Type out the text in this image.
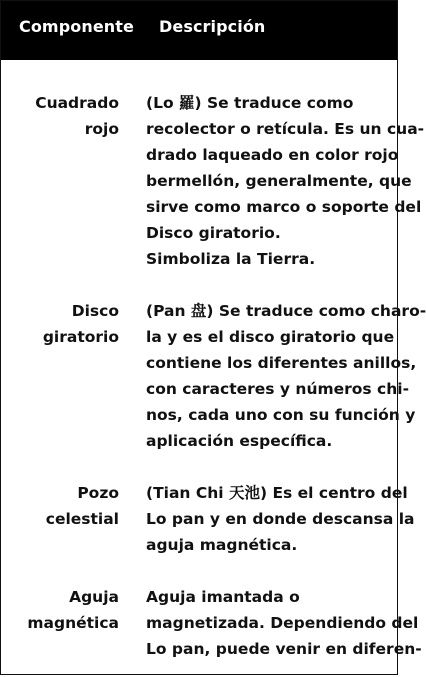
Componente Descripción
Cuadrado
rojo
(Lo 羅) Se traduce como
recolector o retícula. Es un cua-
drado laqueado en color rojo
bermellón, generalmente, que
sirve como marco o soporte del
Disco giratorio.
Simboliza la Tierra.
Disco
giratorio
(Pan 盘) Se traduce como charo-
la y es el disco giratorio que
contiene los diferentes anillos,
con caracteres y números chi-
nos, cada uno con su función y
aplicación específica.
Pozo
celestial
(Tian Chi 天池) Es el centro del
Lo pan y en donde descansa la
aguja magnética.
Aguja
magnética
Aguja imantada o
magnetizada. Dependiendo del
Lo pan, puede venir en diferen-
